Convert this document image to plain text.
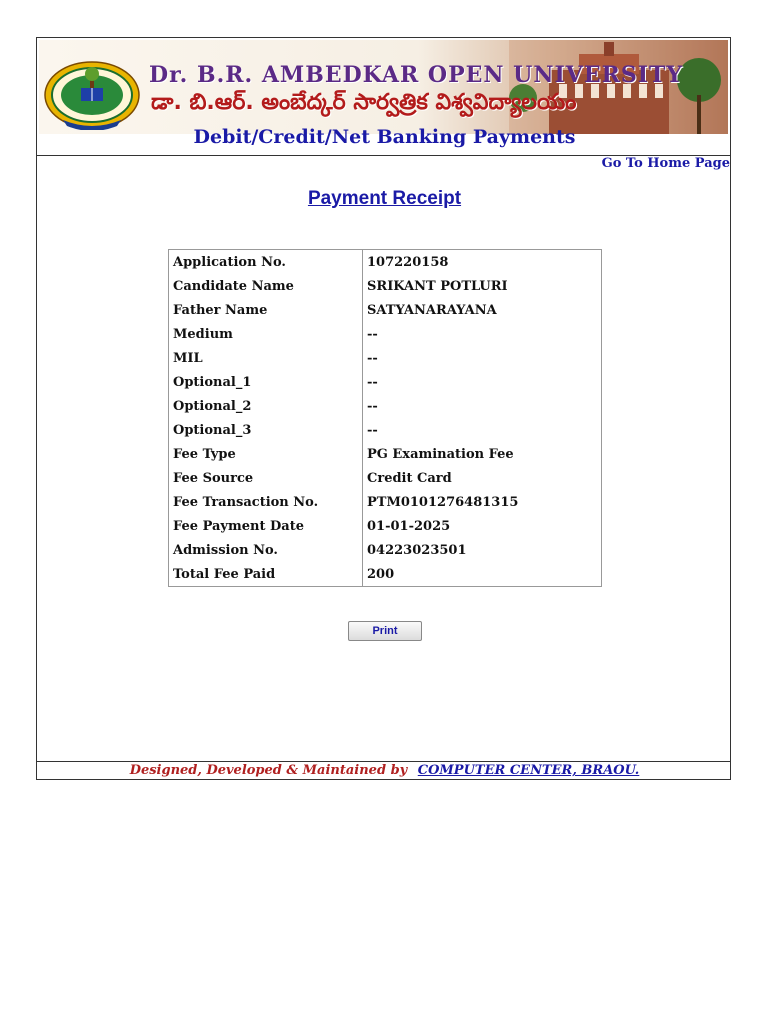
Dr. B.R. AMBEDKAR OPEN UNIVERSITY
డా. బి.ఆర్. అంబేద్కర్ సార్వత్రిక విశ్వవిద్యాలయం
Debit/Credit/Net Banking Payments
Go To Home Page
Payment Receipt
Application No.	107220158
Candidate Name	SRIKANT POTLURI
Father Name	SATYANARAYANA
Medium	--
MIL	--
Optional_1	--
Optional_2	--
Optional_3	--
Fee Type	PG Examination Fee
Fee Source	Credit Card
Fee Transaction No.	PTM0101276481315
Fee Payment Date	01-01-2025
Admission No.	04223023501
Total Fee Paid	200
Print
Designed, Developed & Maintained by COMPUTER CENTER, BRAOU.
